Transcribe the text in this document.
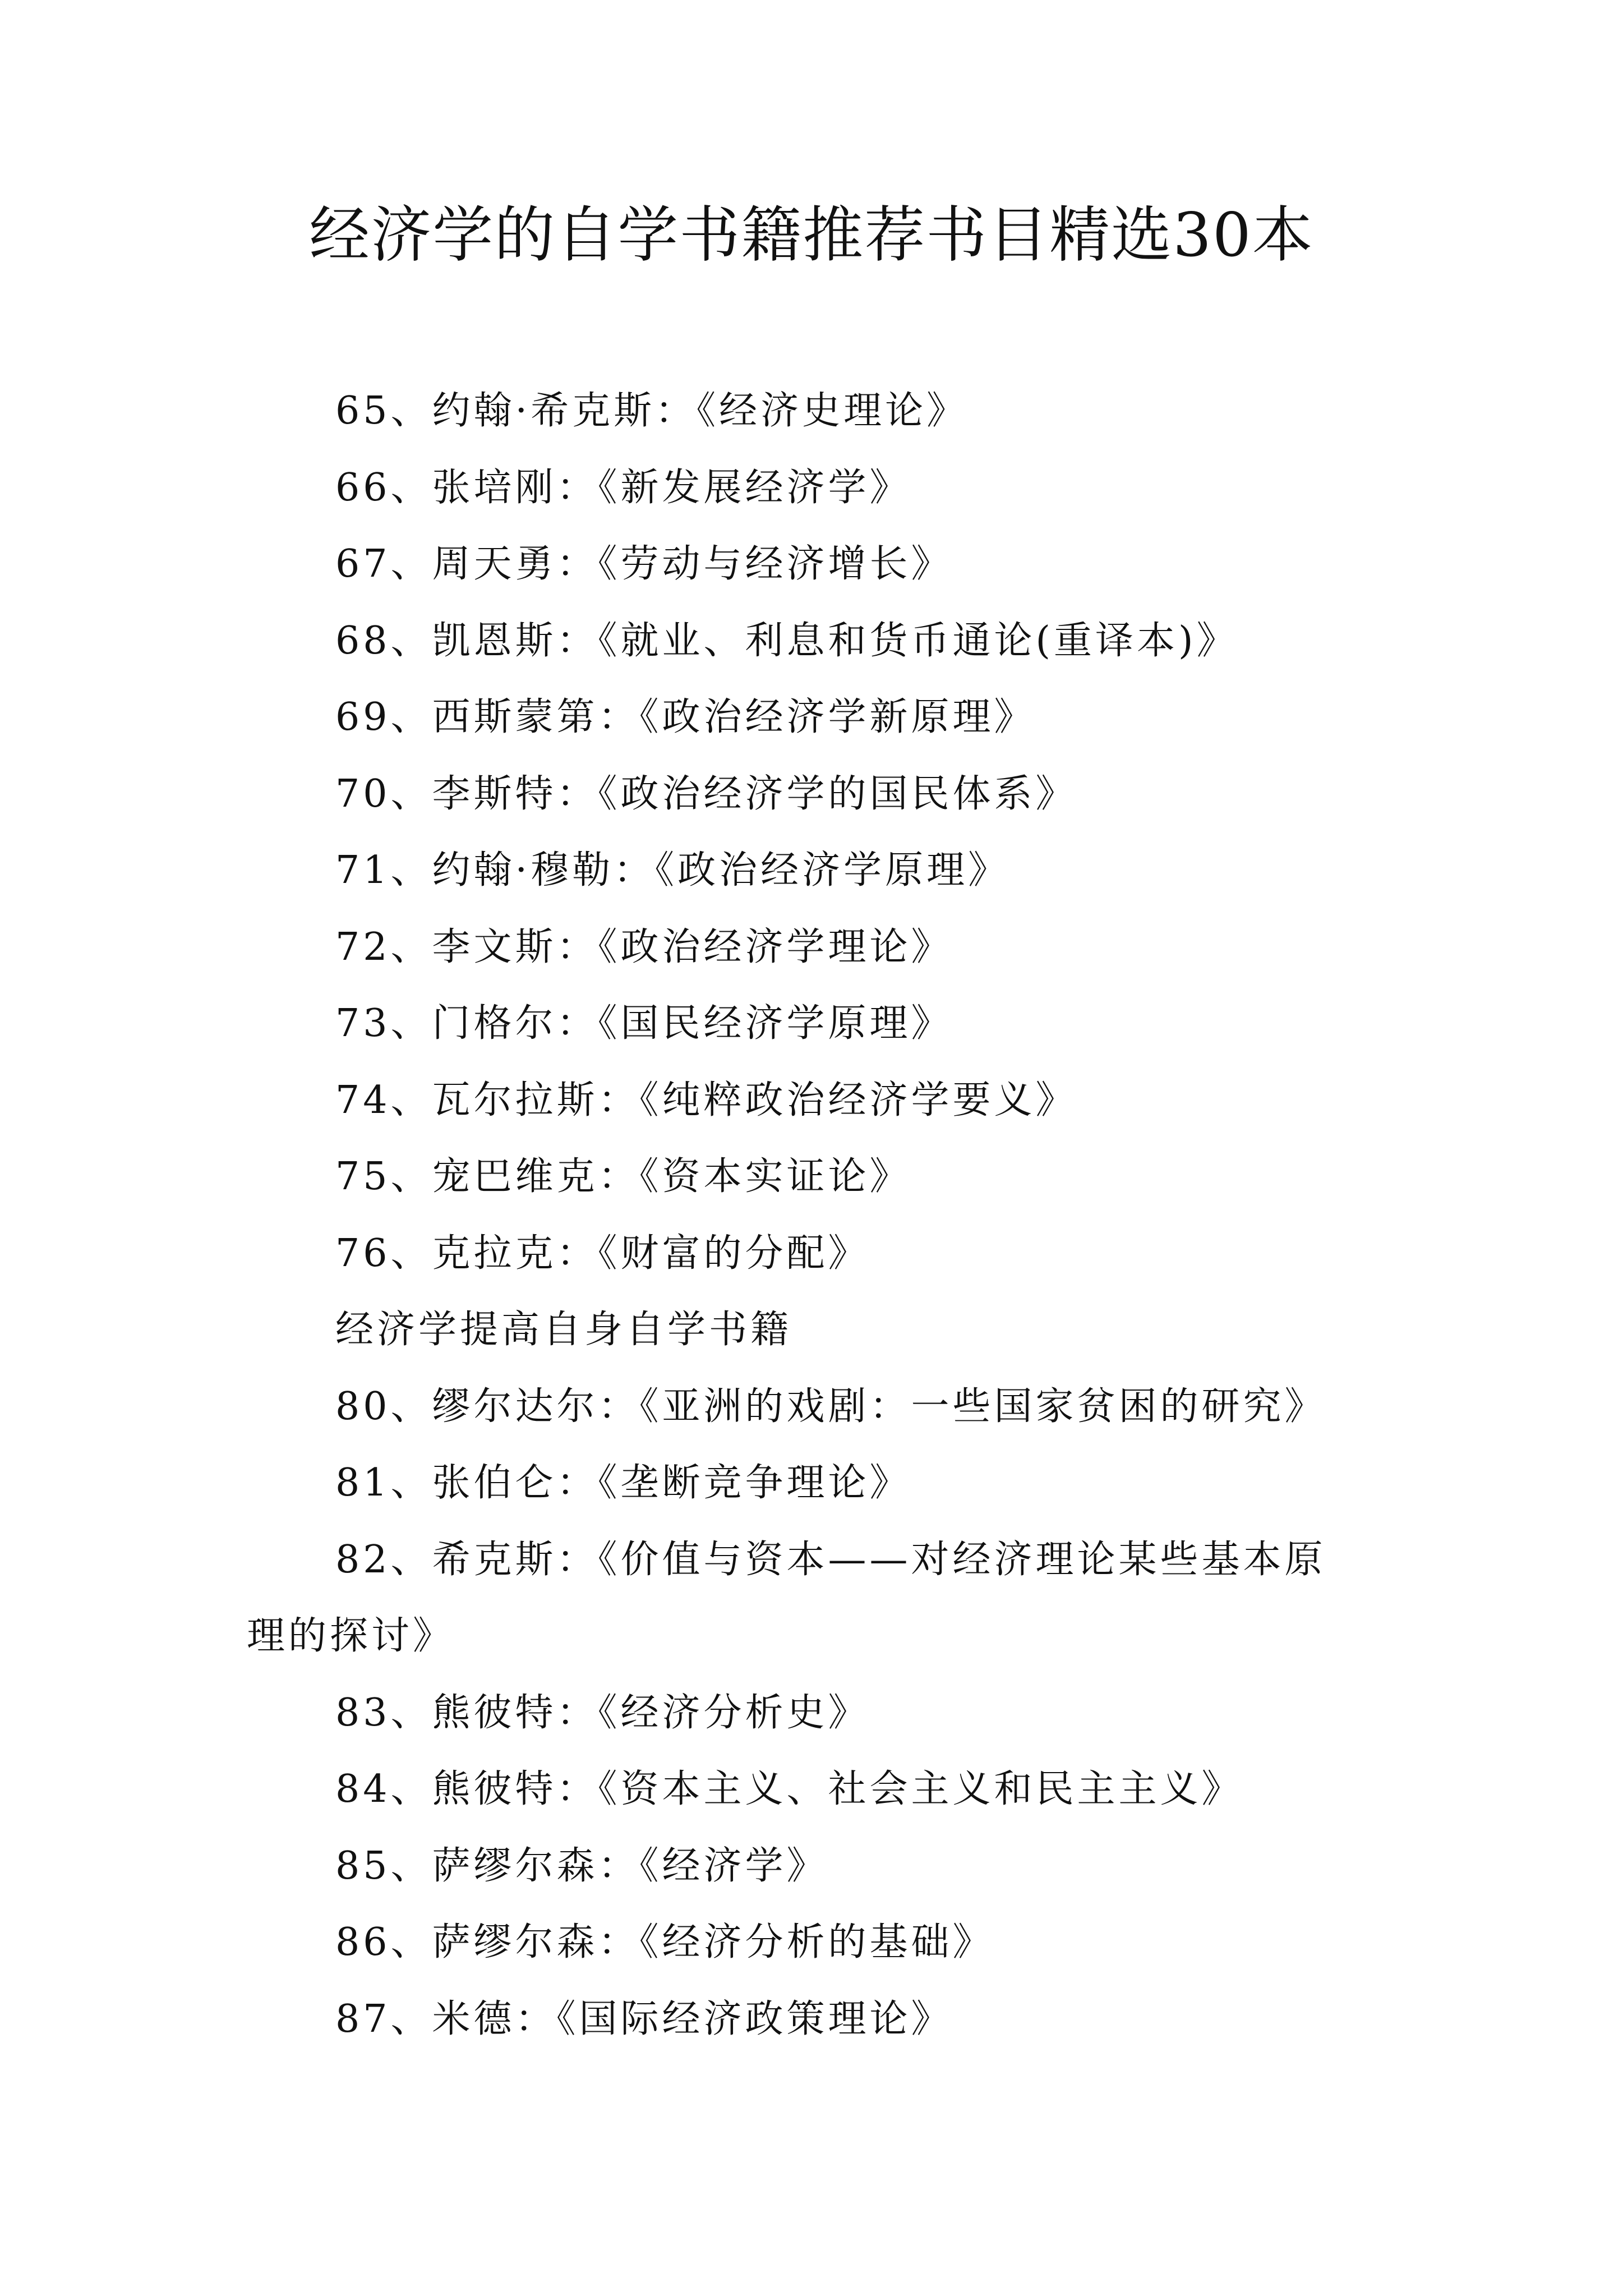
经济学的自学书籍推荐书目精选30本
65、约翰·希克斯：《经济史理论》
66、张培刚：《新发展经济学》
67、周天勇：《劳动与经济增长》
68、凯恩斯：《就业、利息和货币通论(重译本)》
69、西斯蒙第：《政治经济学新原理》
70、李斯特：《政治经济学的国民体系》
71、约翰·穆勒：《政治经济学原理》
72、李文斯：《政治经济学理论》
73、门格尔：《国民经济学原理》
74、瓦尔拉斯：《纯粹政治经济学要义》
75、宠巴维克：《资本实证论》
76、克拉克：《财富的分配》
经济学提高自身自学书籍
80、缪尔达尔：《亚洲的戏剧：一些国家贫困的研究》
81、张伯仑：《垄断竞争理论》
82、希克斯：《价值与资本——对经济理论某些基本原
理的探讨》
83、熊彼特：《经济分析史》
84、熊彼特：《资本主义、社会主义和民主主义》
85、萨缪尔森：《经济学》
86、萨缪尔森：《经济分析的基础》
87、米德：《国际经济政策理论》
